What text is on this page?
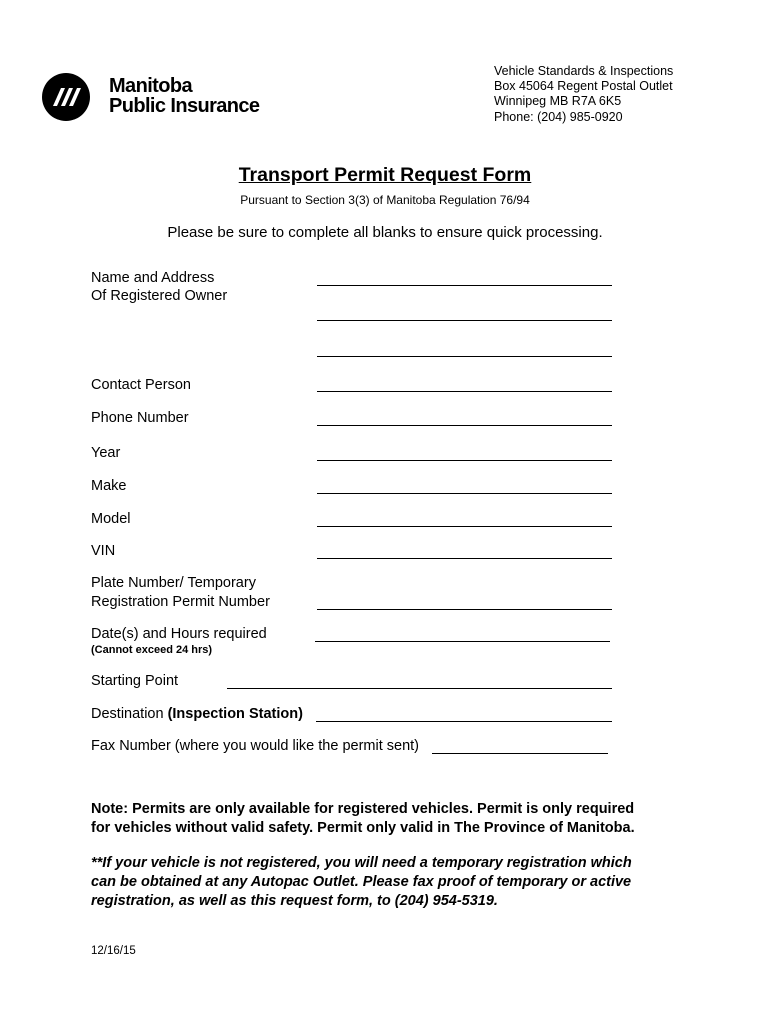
Manitoba
Public Insurance
Vehicle Standards & Inspections
Box 45064 Regent Postal Outlet
Winnipeg MB R7A 6K5
Phone: (204) 985-0920
Transport Permit Request Form
Pursuant to Section 3(3) of Manitoba Regulation 76/94
Please be sure to complete all blanks to ensure quick processing.
Name and Address
Of Registered Owner
Contact Person
Phone Number
Year
Make
Model
VIN
Plate Number/ Temporary
Registration Permit Number
Date(s) and Hours required
(Cannot exceed 24 hrs)
Starting Point
Destination (Inspection Station)
Fax Number (where you would like the permit sent)
Note: Permits are only available for registered vehicles. Permit is only required
for vehicles without valid safety. Permit only valid in The Province of Manitoba.
**If your vehicle is not registered, you will need a temporary registration which
can be obtained at any Autopac Outlet. Please fax proof of temporary or active
registration, as well as this request form, to (204) 954-5319.
12/16/15
